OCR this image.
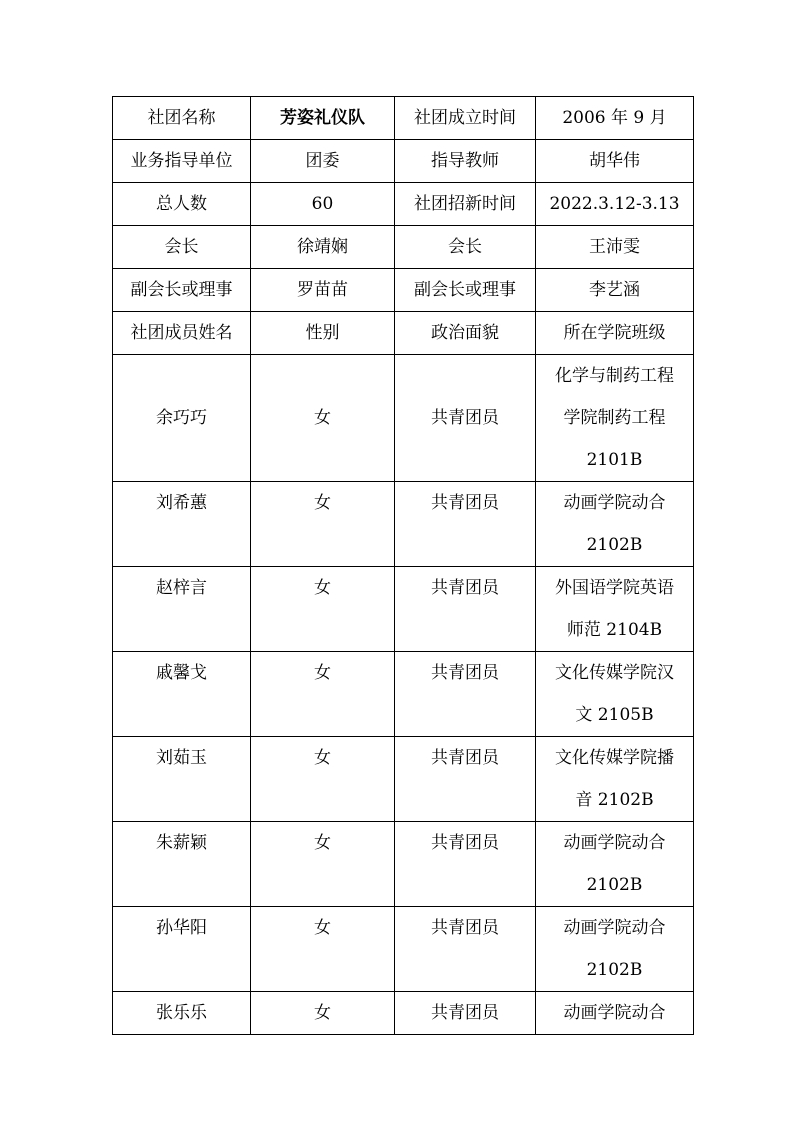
社团名称	芳姿礼仪队	社团成立时间	2006 年 9 月
业务指导单位	团委	指导教师	胡华伟
总人数	60	社团招新时间	2022.3.12-3.13
会长	徐靖娴	会长	王沛雯
副会长或理事	罗苗苗	副会长或理事	李艺涵
社团成员姓名	性别	政治面貌	所在学院班级
余巧巧	女	共青团员	化学与制药工程
学院制药工程
2101B

刘希蕙	女	共青团员	动画学院动合
2102B

赵梓言	女	共青团员	外国语学院英语
师范 2104B

戚馨戈	女	共青团员	文化传媒学院汉
文 2105B

刘茹玉	女	共青团员	文化传媒学院播
音 2102B

朱薪颖	女	共青团员	动画学院动合
2102B

孙华阳	女	共青团员	动画学院动合
2102B

张乐乐	女	共青团员	动画学院动合
